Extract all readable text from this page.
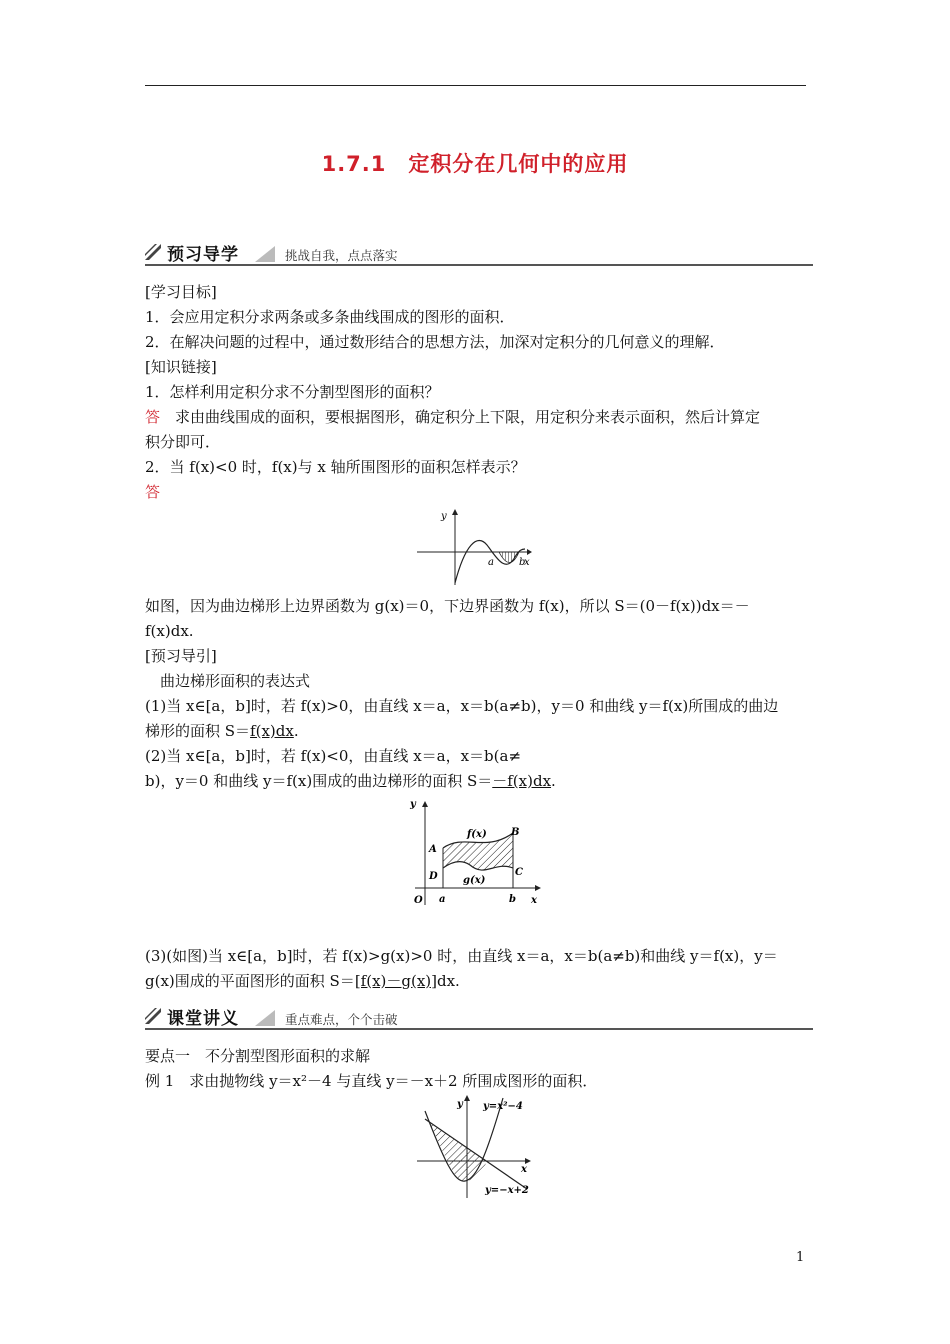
1.7.1　定积分在几何中的应用
预习导学	挑战自我，点点落实
[学习目标]
1．会应用定积分求两条或多条曲线围成的图形的面积．
2．在解决问题的过程中，通过数形结合的思想方法，加深对定积分的几何意义的理解．
[知识链接]
1．怎样利用定积分求不分割型图形的面积？
答　求由曲线围成的面积，要根据图形，确定积分上下限，用定积分来表示面积，然后计算定
积分即可．
2．当 f(x)<0 时，f(x)与 x 轴所围图形的面积怎样表示？
答
y
x
a	b
如图，因为曲边梯形上边界函数为 g(x)＝0，下边界函数为 f(x)，所以 S＝(0－f(x))dx＝－
f(x)dx.
[预习导引]
　曲边梯形面积的表达式
(1)当 x∈[a，b]时，若 f(x)>0，由直线 x＝a，x＝b(a≠b)，y＝0 和曲线 y＝f(x)所围成的曲边
梯形的面积 S＝f(x)dx.
(2)当 x∈[a，b]时，若 f(x)<0，由直线 x＝a，x＝b(a≠
b)，y＝0 和曲线 y＝f(x)围成的曲边梯形的面积 S＝－f(x)dx.
y
x
O a	b
A
B
C
D
f(x)
g(x)
(3)(如图)当 x∈[a，b]时，若 f(x)>g(x)>0 时，由直线 x＝a，x＝b(a≠b)和曲线 y＝f(x)，y＝
g(x)围成的平面图形的面积 S＝[f(x)－g(x)]dx.
课堂讲义	重点难点，个个击破
要点一　不分割型图形面积的求解
例 1　求由抛物线 y＝x²－4 与直线 y＝－x＋2 所围成图形的面积．
y
x
y=x²−4
y=−x+2
1
